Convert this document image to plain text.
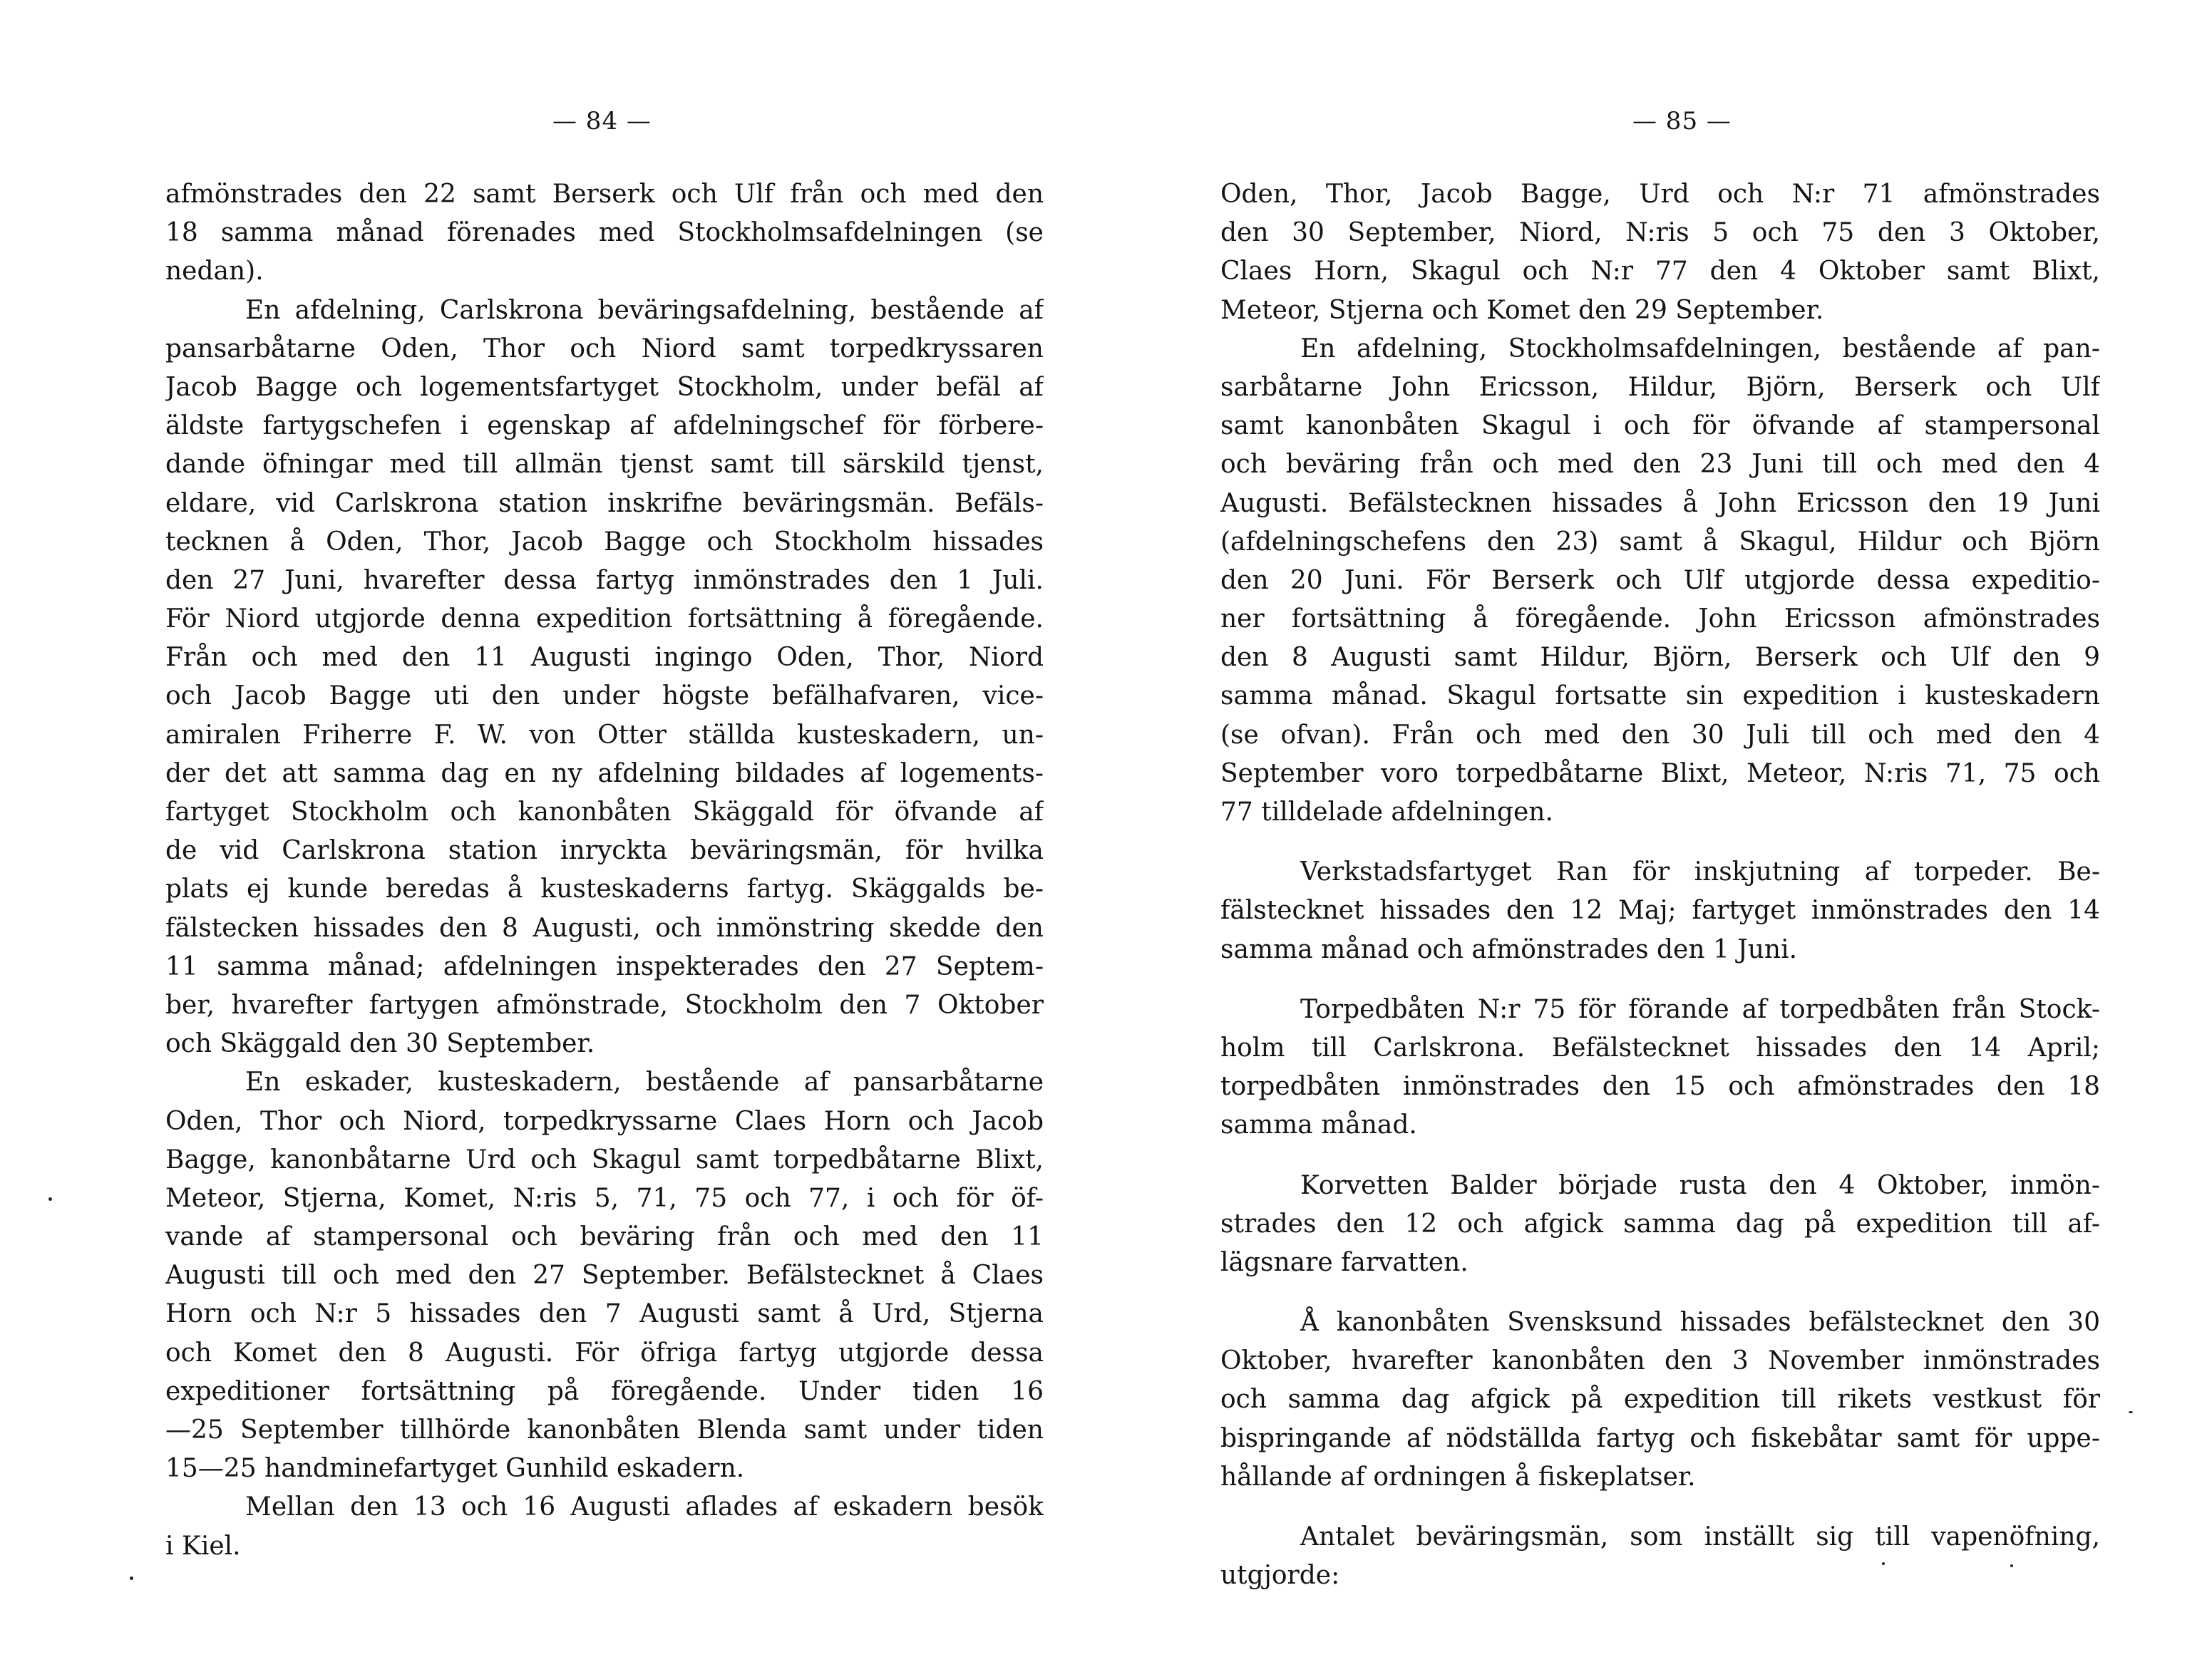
— 84 —
afmönstrades den 22 samt Berserk och Ulf från och med den
18 samma månad förenades med Stockholmsafdelningen (se
nedan).
En afdelning, Carlskrona beväringsafdelning, bestående af
pansarbåtarne Oden, Thor och Niord samt torpedkryssaren
Jacob Bagge och logementsfartyget Stockholm, under befäl af
äldste fartygschefen i egenskap af afdelningschef för förbere-
dande öfningar med till allmän tjenst samt till särskild tjenst,
eldare, vid Carlskrona station inskrifne beväringsmän. Befäls-
tecknen å Oden, Thor, Jacob Bagge och Stockholm hissades
den 27 Juni, hvarefter dessa fartyg inmönstrades den 1 Juli.
För Niord utgjorde denna expedition fortsättning å föregående.
Från och med den 11 Augusti ingingo Oden, Thor, Niord
och Jacob Bagge uti den under högste befälhafvaren, vice-
amiralen Friherre F. W. von Otter ställda kusteskadern, un-
der det att samma dag en ny afdelning bildades af logements-
fartyget Stockholm och kanonbåten Skäggald för öfvande af
de vid Carlskrona station inryckta beväringsmän, för hvilka
plats ej kunde beredas å kusteskaderns fartyg. Skäggalds be-
fälstecken hissades den 8 Augusti, och inmönstring skedde den
11 samma månad; afdelningen inspekterades den 27 Septem-
ber, hvarefter fartygen afmönstrade, Stockholm den 7 Oktober
och Skäggald den 30 September.
En eskader, kusteskadern, bestående af pansarbåtarne
Oden, Thor och Niord, torpedkryssarne Claes Horn och Jacob
Bagge, kanonbåtarne Urd och Skagul samt torpedbåtarne Blixt,
Meteor, Stjerna, Komet, N:ris 5, 71, 75 och 77, i och för öf-
vande af stampersonal och beväring från och med den 11
Augusti till och med den 27 September. Befälstecknet å Claes
Horn och N:r 5 hissades den 7 Augusti samt å Urd, Stjerna
och Komet den 8 Augusti. För öfriga fartyg utgjorde dessa
expeditioner fortsättning på föregående. Under tiden 16
—25 September tillhörde kanonbåten Blenda samt under tiden
15—25 handminefartyget Gunhild eskadern.
Mellan den 13 och 16 Augusti aflades af eskadern besök
i Kiel.
— 85 —
Oden, Thor, Jacob Bagge, Urd och N:r 71 afmönstrades
den 30 September, Niord, N:ris 5 och 75 den 3 Oktober,
Claes Horn, Skagul och N:r 77 den 4 Oktober samt Blixt,
Meteor, Stjerna och Komet den 29 September.
En afdelning, Stockholmsafdelningen, bestående af pan-
sarbåtarne John Ericsson, Hildur, Björn, Berserk och Ulf
samt kanonbåten Skagul i och för öfvande af stampersonal
och beväring från och med den 23 Juni till och med den 4
Augusti. Befälstecknen hissades å John Ericsson den 19 Juni
(afdelningschefens den 23) samt å Skagul, Hildur och Björn
den 20 Juni. För Berserk och Ulf utgjorde dessa expeditio-
ner fortsättning å föregående. John Ericsson afmönstrades
den 8 Augusti samt Hildur, Björn, Berserk och Ulf den 9
samma månad. Skagul fortsatte sin expedition i kusteskadern
(se ofvan). Från och med den 30 Juli till och med den 4
September voro torpedbåtarne Blixt, Meteor, N:ris 71, 75 och
77 tilldelade afdelningen.
Verkstadsfartyget Ran för inskjutning af torpeder. Be-
fälstecknet hissades den 12 Maj; fartyget inmönstrades den 14
samma månad och afmönstrades den 1 Juni.
Torpedbåten N:r 75 för förande af torpedbåten från Stock-
holm till Carlskrona. Befälstecknet hissades den 14 April;
torpedbåten inmönstrades den 15 och afmönstrades den 18
samma månad.
Korvetten Balder började rusta den 4 Oktober, inmön-
strades den 12 och afgick samma dag på expedition till af-
lägsnare farvatten.
Å kanonbåten Svensksund hissades befälstecknet den 30
Oktober, hvarefter kanonbåten den 3 November inmönstrades
och samma dag afgick på expedition till rikets vestkust för
bispringande af nödställda fartyg och fiskebåtar samt för uppe-
hållande af ordningen å fiskeplatser.
Antalet beväringsmän, som inställt sig till vapenöfning,
utgjorde:
